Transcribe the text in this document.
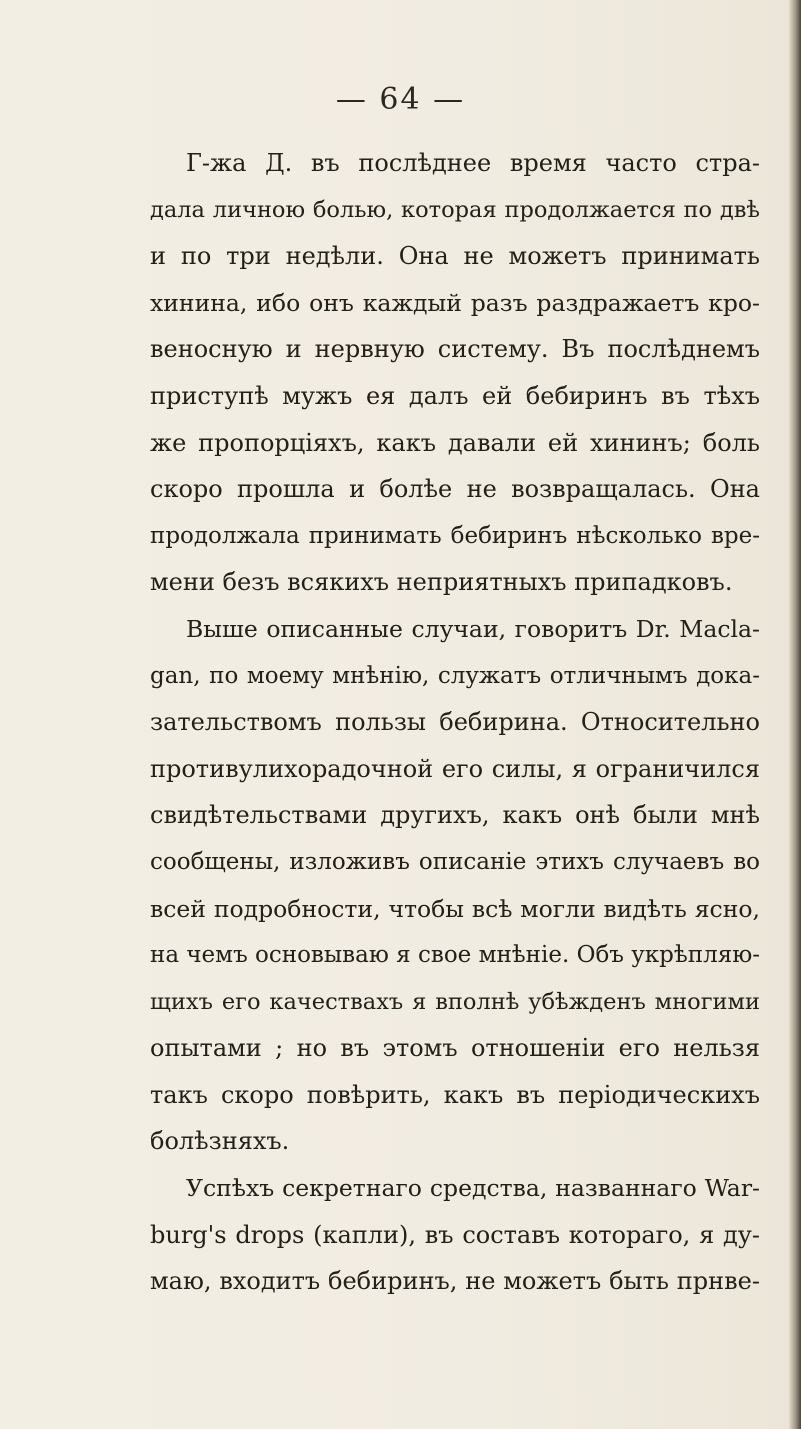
— 64 —
Г-жа Д. въ послѣднее время часто стра-
дала личною болью, которая продолжается по двѣ
и по три недѣли. Она не можетъ принимать
хинина, ибо онъ каждый разъ раздражаетъ кро-
веносную и нервную систему. Въ послѣднемъ
приступѣ мужъ ея далъ ей бебиринъ въ тѣхъ
же пропорціяхъ, какъ давали ей хининъ; боль
скоро прошла и болѣе не возвращалась. Она
продолжала принимать бебиринъ нѣсколько вре-
мени безъ всякихъ неприятныхъ припадковъ.
Выше описанные случаи, говоритъ Dr. Macla-
gan, по моему мнѣнію, служатъ отличнымъ дока-
зательствомъ пользы бебирина. Относительно
противулихорадочной его силы, я ограничился
свидѣтельствами другихъ, какъ онѣ были мнѣ
сообщены, изложивъ описаніе этихъ случаевъ во
всей подробности, чтобы всѣ могли видѣть ясно,
на чемъ основываю я свое мнѣніе. Объ укрѣпляю-
щихъ его качествахъ я вполнѣ убѣжденъ многими
опытами ; но въ этомъ отношеніи его нельзя
такъ скоро повѣрить, какъ въ періодическихъ
болѣзняхъ.
Успѣхъ секретнаго средства, названнаго War-
burg's drops (капли), въ составъ котораго, я ду-
маю, входитъ бебиринъ, не можетъ быть прнве-
